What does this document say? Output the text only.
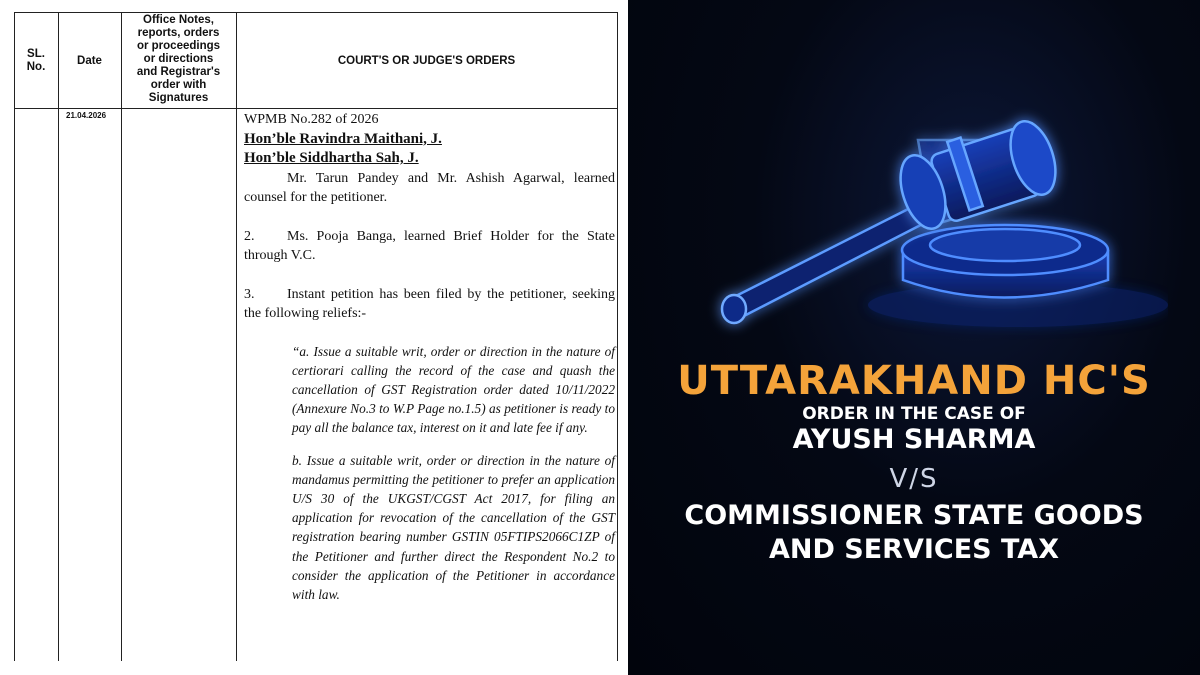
SL.
No.	Date
Office Notes,
reports, orders
or proceedings
or directions
and Registrar's
order with
Signatures
COURT'S OR JUDGE'S ORDERS
21.04.2026	WPMB No.282 of 2026

Hon’ble Ravindra Maithani, J.

Hon’ble Siddhartha Sah, J.

Mr. Tarun Pandey and Mr. Ashish Agarwal, learned counsel for the petitioner.

2. Ms. Pooja Banga, learned Brief Holder for the State through V.C.

3. Instant petition has been filed by the petitioner, seeking the following reliefs:-

“a. Issue a suitable writ, order or direction in the nature of certiorari calling the record of the case and quash the cancellation of GST Registration order dated 10/11/2022 (Annexure No.3 to W.P Page no.1.5) as petitioner is ready to pay all the balance tax, interest on it and late fee if any.

b. Issue a suitable writ, order or direction in the nature of mandamus permitting the petitioner to prefer an application U/S 30 of the UKGST/CGST Act 2017, for filing an application for revocation of the cancellation of the GST registration bearing number GSTIN 05FTIPS2066C1ZP of the Petitioner and further direct the Respondent No.2 to consider the application of the Petitioner in accordance with law.

UTTARAKHAND HC'S
ORDER IN THE CASE OF
AYUSH SHARMA
V/S
COMMISSIONER STATE GOODS
AND SERVICES TAX
